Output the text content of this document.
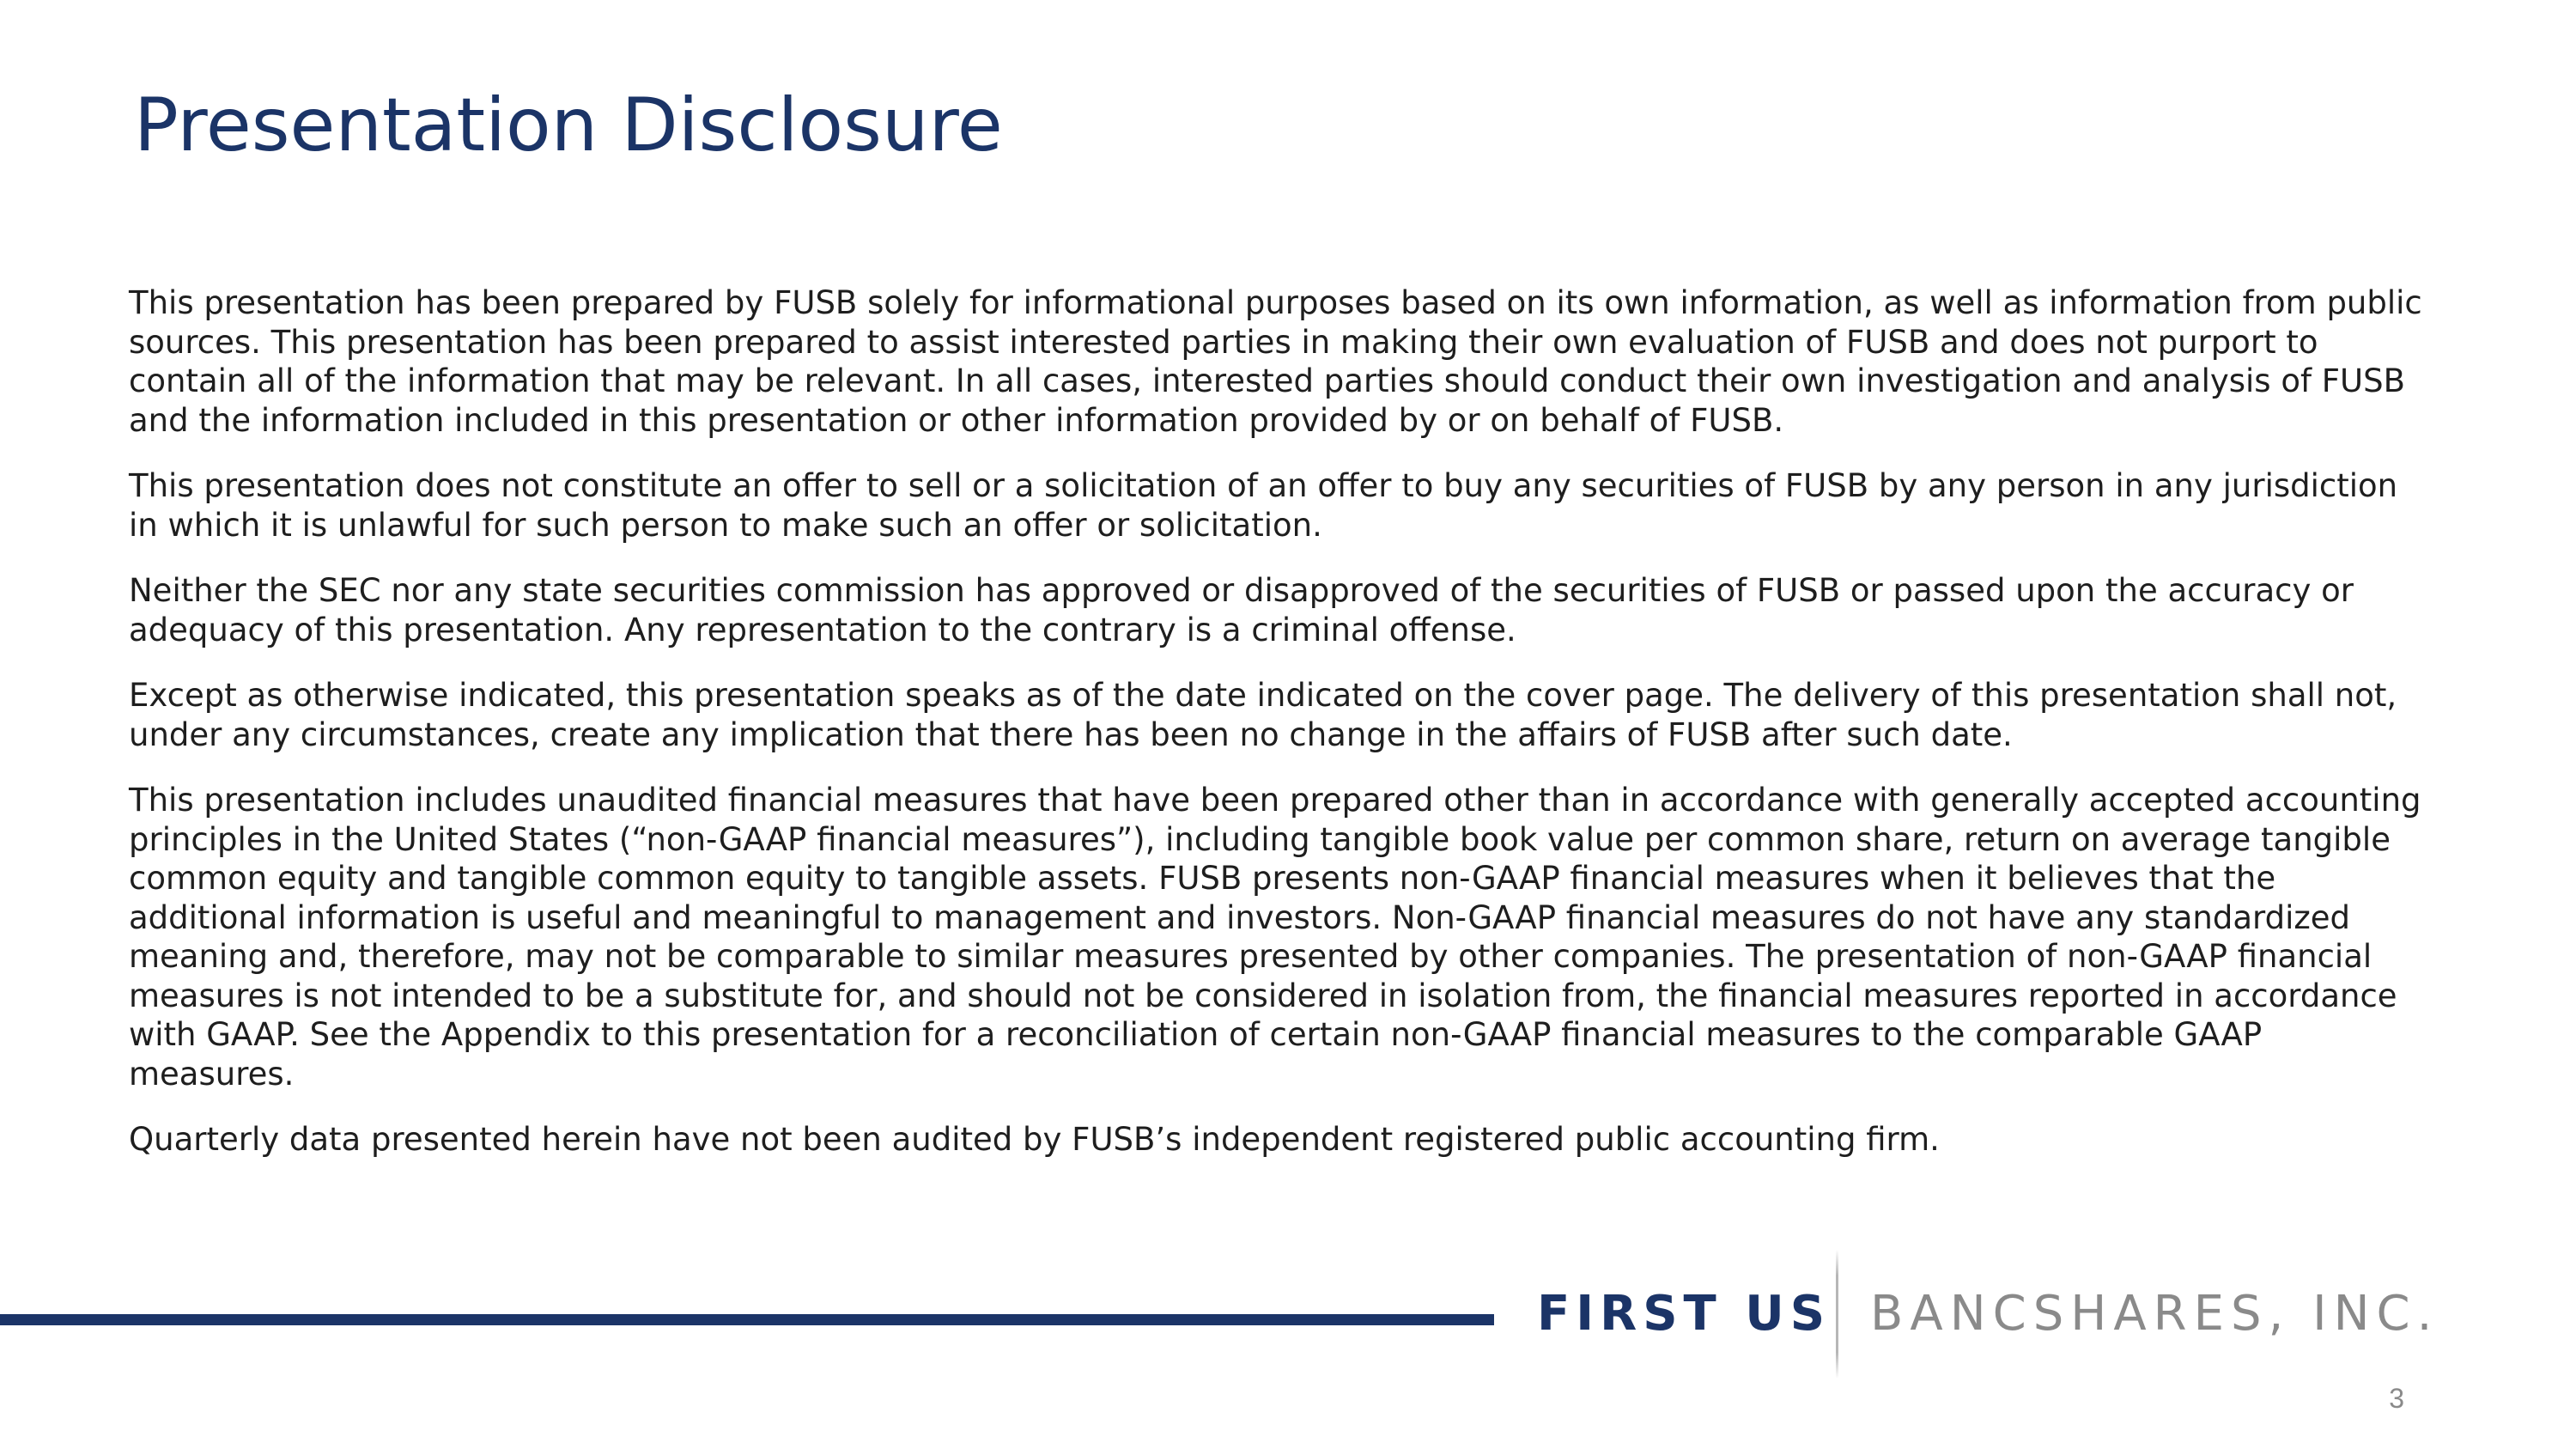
Presentation Disclosure

This presentation has been prepared by FUSB solely for informational purposes based on its own information, as well as information from public sources. This presentation has been prepared to assist interested parties in making their own evaluation of FUSB and does not purport to contain all of the information that may be relevant. In all cases, interested parties should conduct their own investigation and analysis of FUSB and the information included in this presentation or other information provided by or on behalf of FUSB.

This presentation does not constitute an offer to sell or a solicitation of an offer to buy any securities of FUSB by any person in any jurisdiction in which it is unlawful for such person to make such an offer or solicitation.

Neither the SEC nor any state securities commission has approved or disapproved of the securities of FUSB or passed upon the accuracy or adequacy of this presentation. Any representation to the contrary is a criminal offense.

Except as otherwise indicated, this presentation speaks as of the date indicated on the cover page. The delivery of this presentation shall not, under any circumstances, create any implication that there has been no change in the affairs of FUSB after such date.

This presentation includes unaudited financial measures that have been prepared other than in accordance with generally accepted accounting principles in the United States (“non-GAAP financial measures”), including tangible book value per common share, return on average tangible common equity and tangible common equity to tangible assets. FUSB presents non-GAAP financial measures when it believes that the additional information is useful and meaningful to management and investors. Non-GAAP financial measures do not have any standardized meaning and, therefore, may not be comparable to similar measures presented by other companies. The presentation of non-GAAP financial measures is not intended to be a substitute for, and should not be considered in isolation from, the financial measures reported in accordance with GAAP. See the Appendix to this presentation for a reconciliation of certain non-GAAP financial measures to the comparable GAAP measures.

Quarterly data presented herein have not been audited by FUSB’s independent registered public accounting firm.

FIRST US BANCSHARES, INC.
3
